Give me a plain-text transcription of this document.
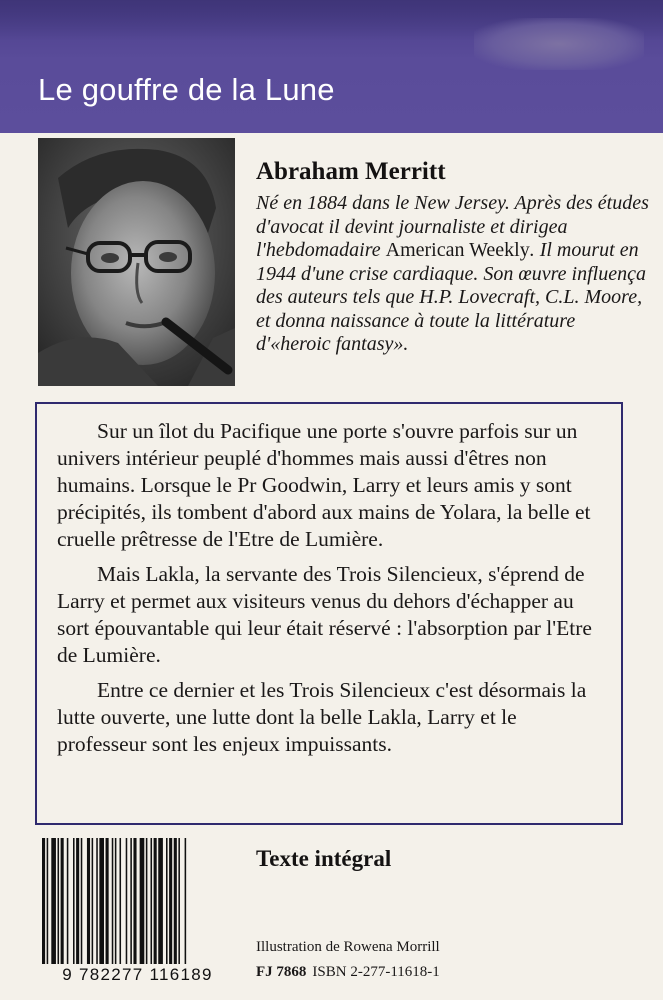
Le gouffre de la Lune
Abraham Merritt
Né en 1884 dans le New Jersey. Après des études d'avocat il devint journaliste et dirigea l'hebdomadaire American Weekly. Il mourut en 1944 d'une crise cardiaque. Son œuvre influença des auteurs tels que H.P. Lovecraft, C.L. Moore, et donna naissance à toute la littérature d'«heroic fantasy».

Sur un îlot du Pacifique une porte s'ouvre parfois sur un univers intérieur peuplé d'hommes mais aussi d'êtres non humains. Lorsque le Pr Goodwin, Larry et leurs amis y sont précipités, ils tombent d'abord aux mains de Yolara, la belle et cruelle prêtresse de l'Etre de Lumière.

Mais Lakla, la servante des Trois Silencieux, s'éprend de Larry et permet aux visiteurs venus du dehors d'échapper au sort épouvantable qui leur était réservé : l'absorption par l'Etre de Lumière.

Entre ce dernier et les Trois Silencieux c'est désormais la lutte ouverte, une lutte dont la belle Lakla, Larry et le professeur sont les enjeux impuissants.

9 782277 116189
Texte intégral
Illustration de Rowena Morrill
FJ 7868 ISBN 2-277-11618-1
